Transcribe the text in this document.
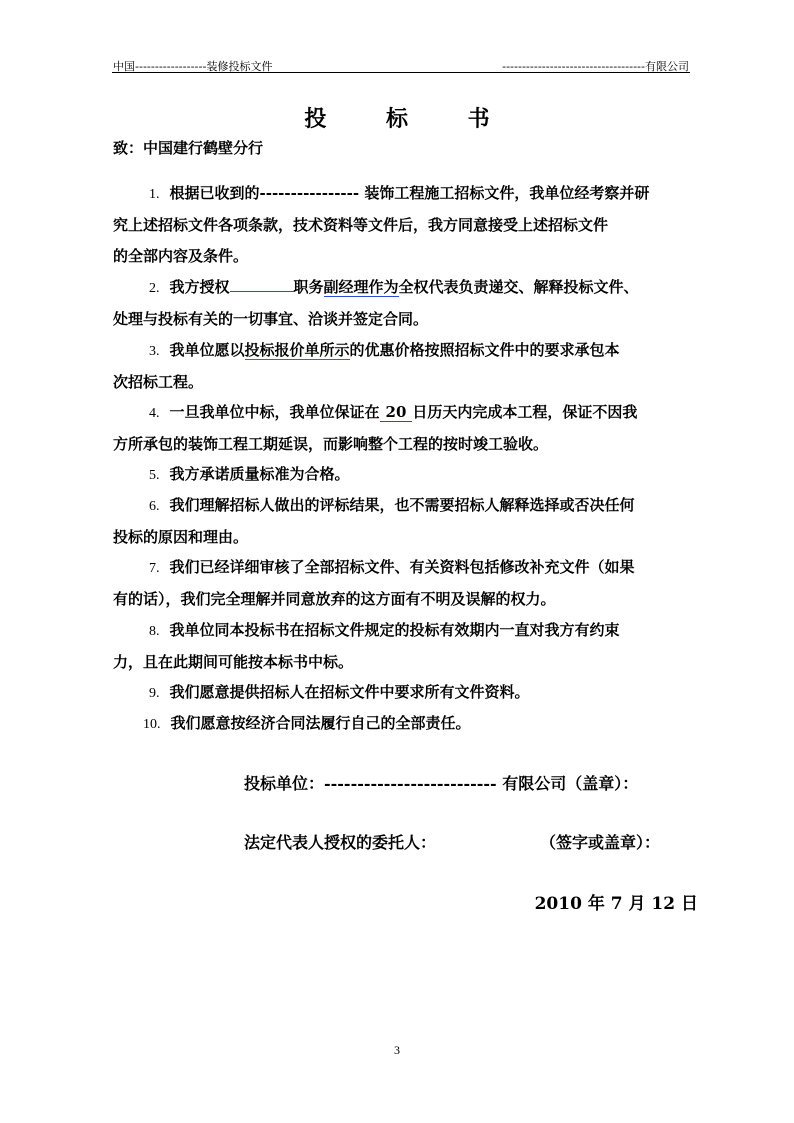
中国------------------装修投标文件	------------------------------------有限公司
投 标 书
致：中国建行鹤壁分行
1. 根据已收到的---------------- 装饰工程施工招标文件，我单位经考察并研
究上述招标文件各项条款，技术资料等文件后，我方同意接受上述招标文件
的全部内容及条件。
2. 我方授权	职务副经理作为全权代表负责递交、解释投标文件、
处理与投标有关的一切事宜、洽谈并签定合同。
3. 我单位愿以投标报价单所示的优惠价格按照招标文件中的要求承包本
次招标工程。
4. 一旦我单位中标，我单位保证在 20 日历天内完成本工程，保证不因我
方所承包的装饰工程工期延误，而影响整个工程的按时竣工验收。
5. 我方承诺质量标准为合格。
6. 我们理解招标人做出的评标结果，也不需要招标人解释选择或否决任何
投标的原因和理由。
7. 我们已经详细审核了全部招标文件、有关资料包括修改补充文件（如果
有的话），我们完全理解并同意放弃的这方面有不明及误解的权力。
8. 我单位同本投标书在招标文件规定的投标有效期内一直对我方有约束
力，且在此期间可能按本标书中标。
9. 我们愿意提供招标人在招标文件中要求所有文件资料。
10. 我们愿意按经济合同法履行自己的全部责任。
投标单位：-------------------------- 有限公司（盖章）：
法定代表人授权的委托人：	（签字或盖章）：
2010 年 7 月 12 日
3
